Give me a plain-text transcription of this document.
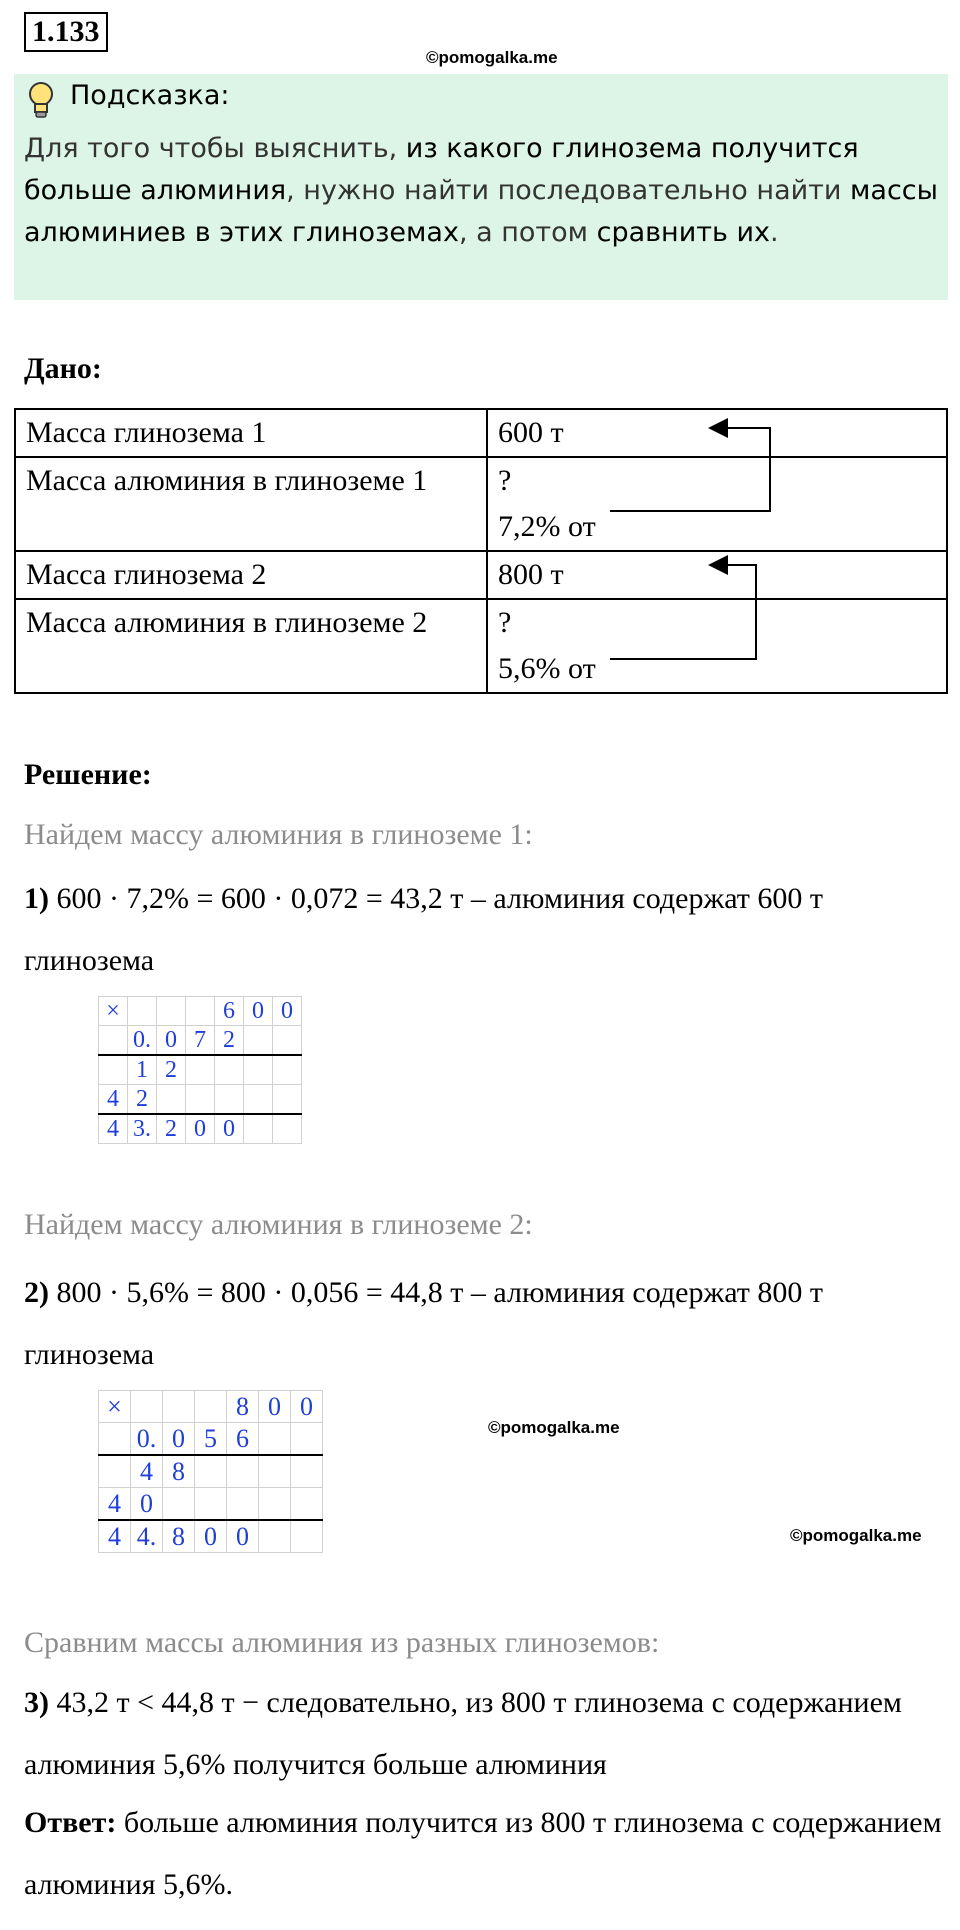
1.133
©pomogalka.me
Подсказка:
Для того чтобы выяснить, из какого глинозема получится больше алюминия, нужно найти последовательно найти массы алюминиев в этих глиноземах, а потом сравнить их.
Дано:
Масса глинозема 1	600 т
Масса алюминия в глиноземе 1	?
7,2% от
Масса глинозема 2	800 т
Масса алюминия в глиноземе 2	?
5,6% от
Решение:
Найдем массу алюминия в глиноземе 1:
1) 600 · 7,2% = 600 · 0,072 = 43,2 т – алюминия содержат 600 т глинозема
×				6	0	0
	0.	0	7	2		
	1	2				
4	2					
4	3.	2	0	0		
Найдем массу алюминия в глиноземе 2:
2) 800 · 5,6% = 800 · 0,056 = 44,8 т – алюминия содержат 800 т глинозема
×				8	0	0
	0.	0	5	6		
	4	8				
4	0					
4	4.	8	0	0		
©pomogalka.me
©pomogalka.me
Сравним массы алюминия из разных глиноземов:
3) 43,2 т < 44,8 т − следовательно, из 800 т глинозема с содержанием алюминия 5,6% получится больше алюминия
Ответ: больше алюминия получится из 800 т глинозема с содержанием алюминия 5,6%.
